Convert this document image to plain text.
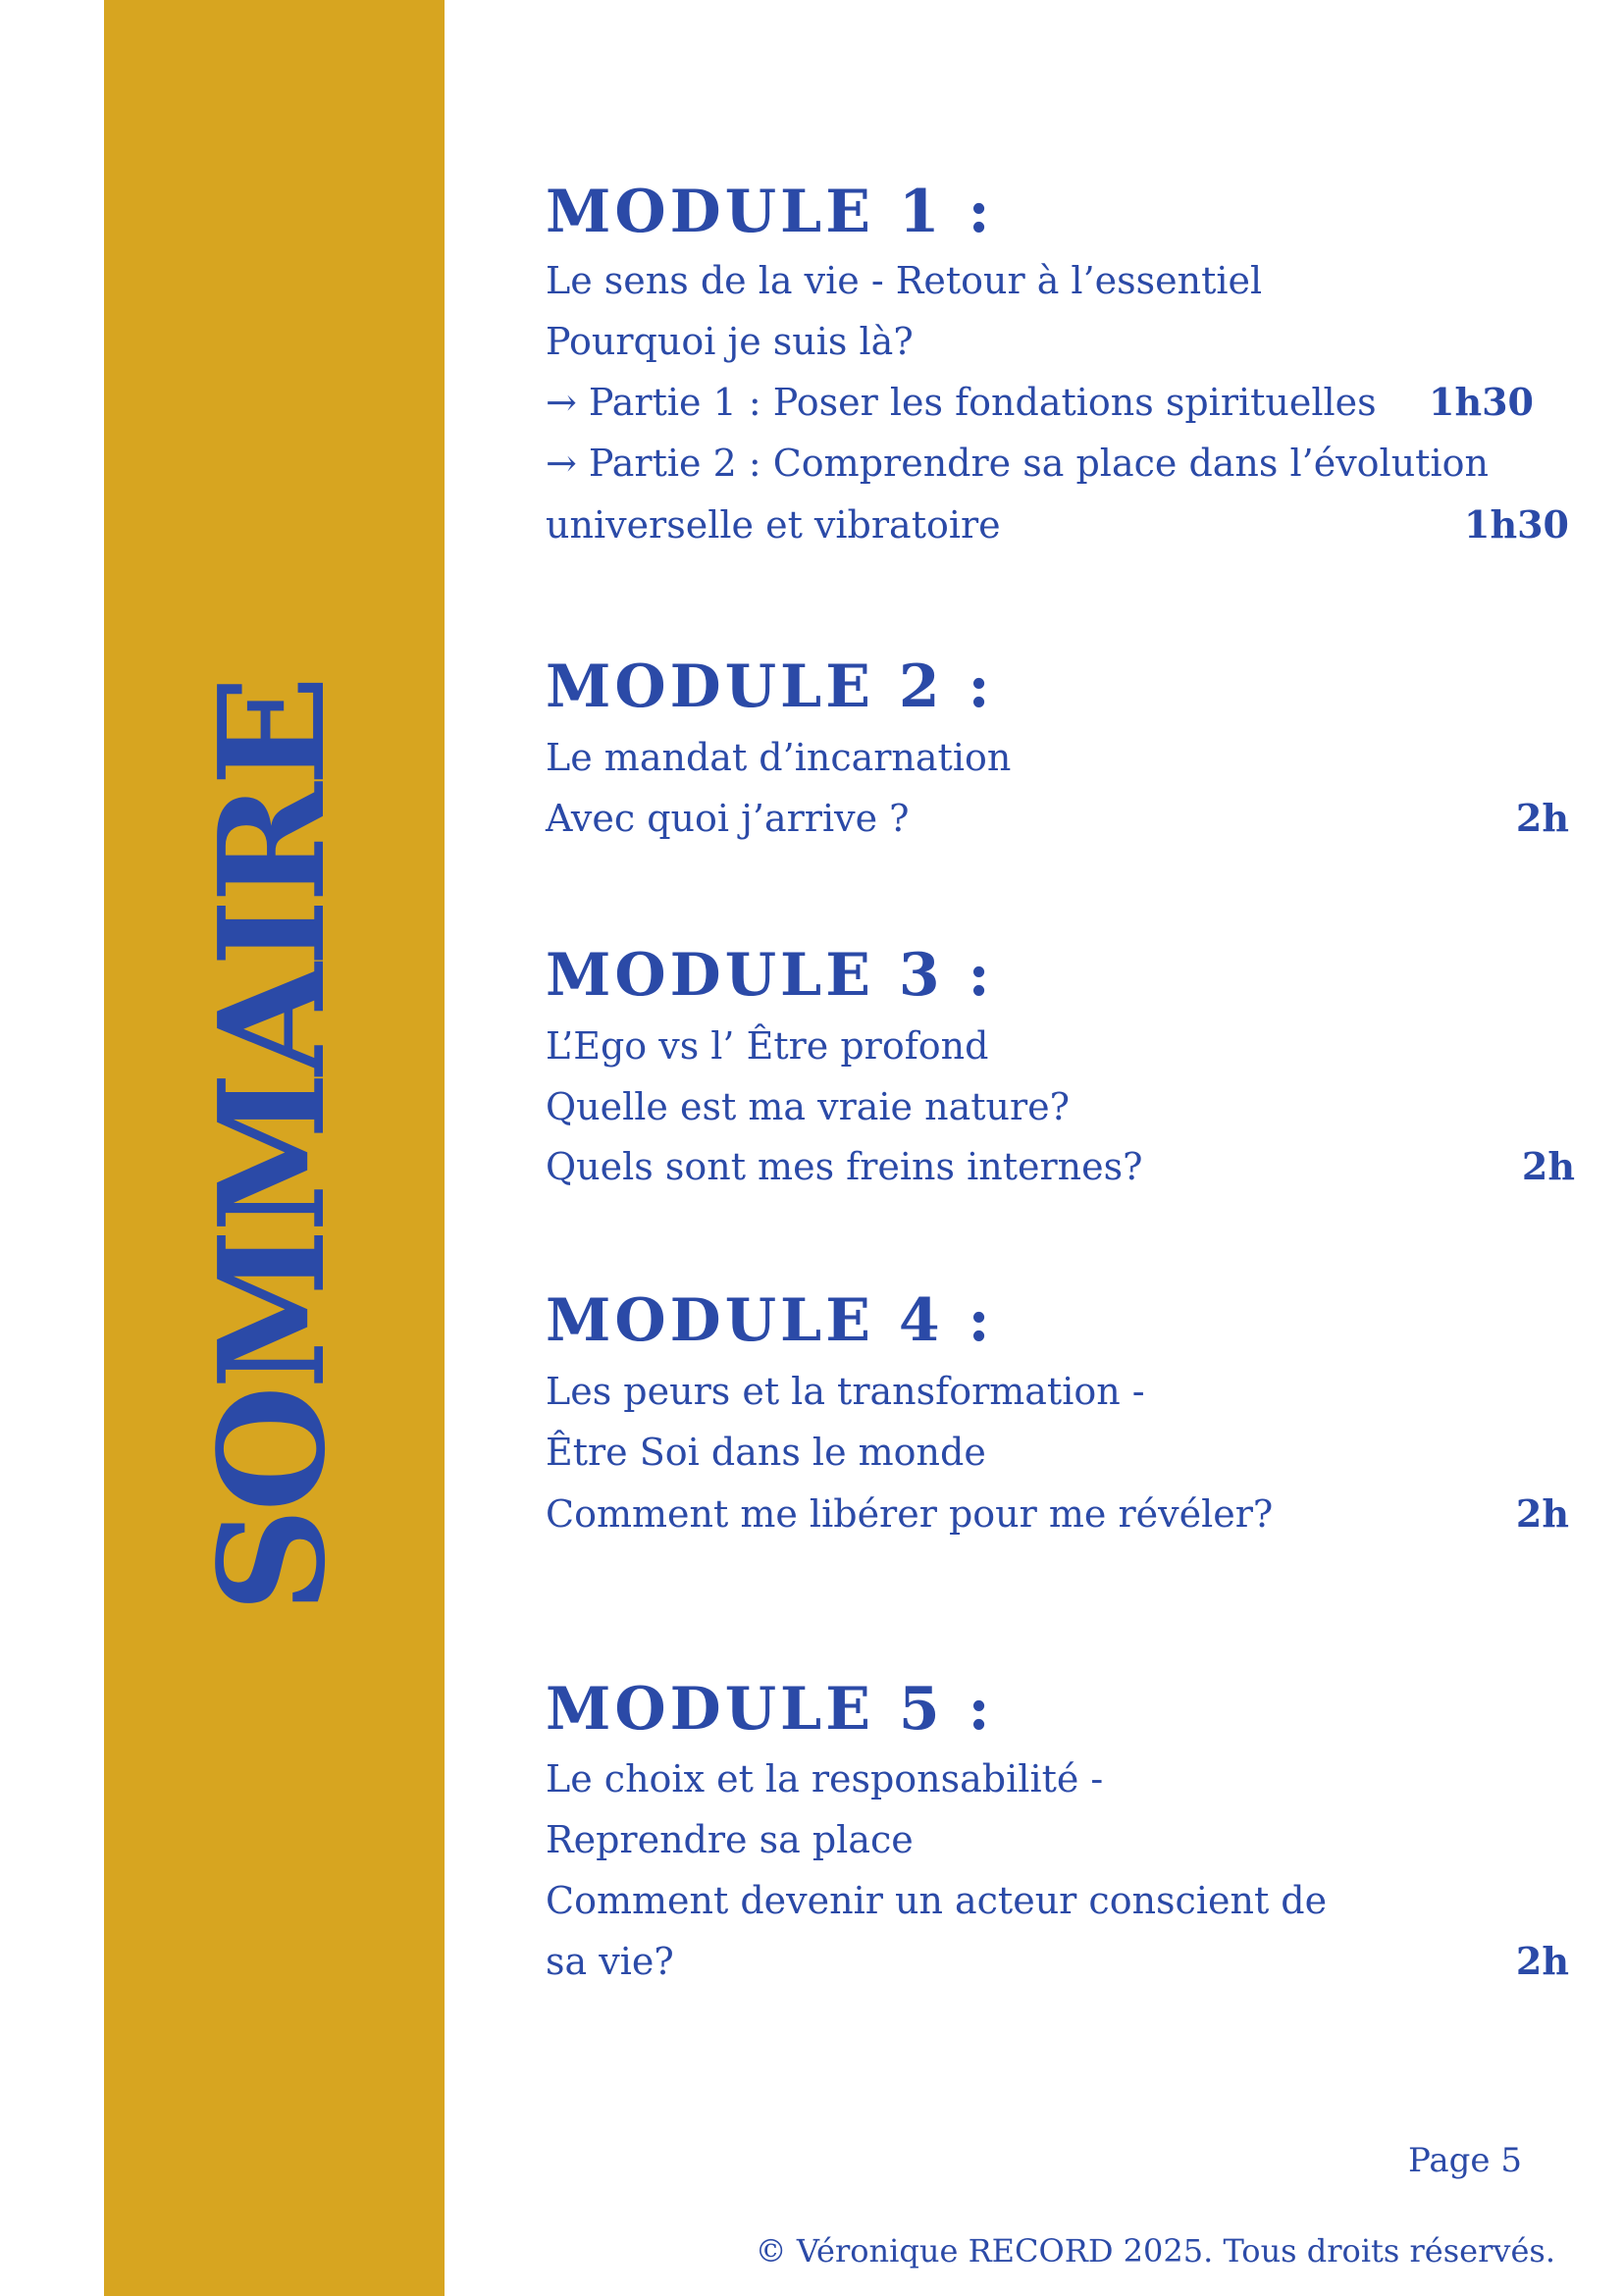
SOMMAIRE
MODULE 1 :
Le sens de la vie - Retour à l’essentiel
Pourquoi je suis là?
→ Partie 1 : Poser les fondations spirituelles 1h30
→ Partie 2 : Comprendre sa place dans l’évolution
universelle et vibratoire	1h30
MODULE 2 :
Le mandat d’incarnation
Avec quoi j’arrive ?	2h
MODULE 3 :
L’Ego vs l’ Être profond
Quelle est ma vraie nature?
Quels sont mes freins internes?	2h
MODULE 4 :
Les peurs et la transformation -
Être Soi dans le monde
Comment me libérer pour me révéler?	2h
MODULE 5 :
Le choix et la responsabilité -
Reprendre sa place
Comment devenir un acteur conscient de
sa vie?	2h
Page 5
© Véronique RECORD 2025. Tous droits réservés.
